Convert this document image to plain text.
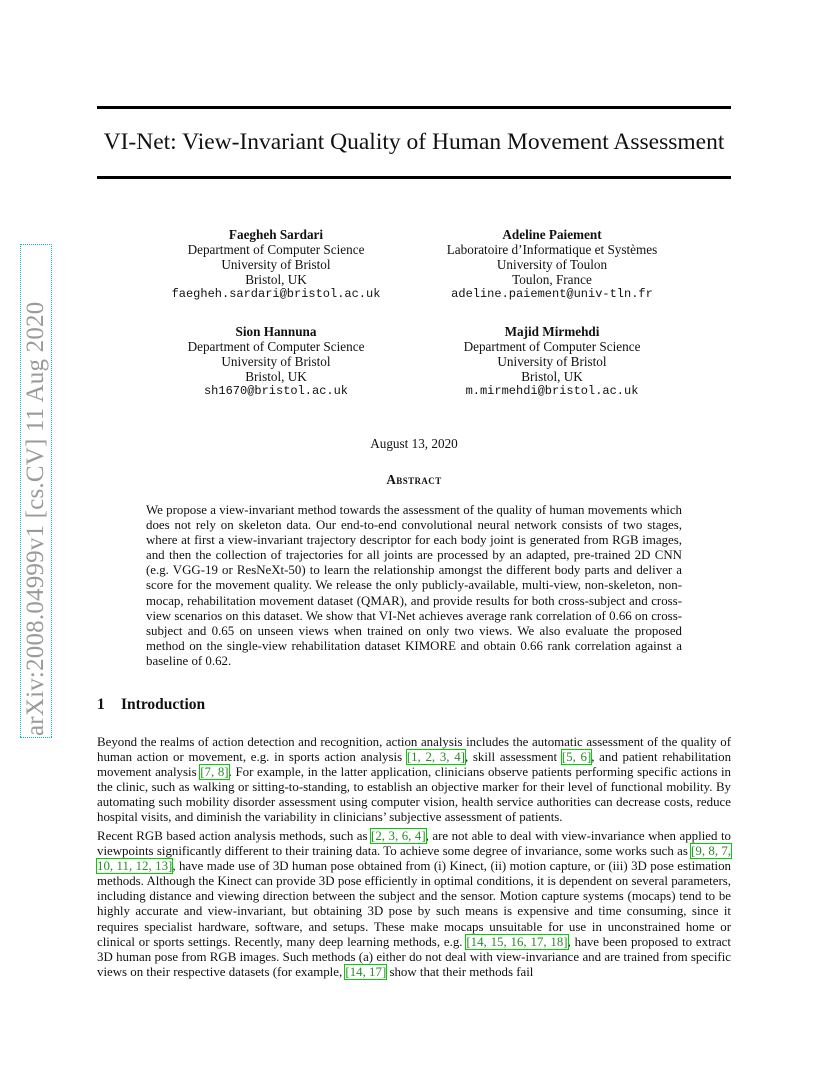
VI-Net: View-Invariant Quality of Human Movement Assessment
arXiv:2008.04999v1 [cs.CV] 11 Aug 2020
Faegheh Sardari
Department of Computer Science
University of Bristol
Bristol, UK
faegheh.sardari@bristol.ac.uk
Adeline Paiement
Laboratoire d’Informatique et Systèmes
University of Toulon
Toulon, France
adeline.paiement@univ-tln.fr
Sion Hannuna
Department of Computer Science
University of Bristol
Bristol, UK
sh1670@bristol.ac.uk
Majid Mirmehdi
Department of Computer Science
University of Bristol
Bristol, UK
m.mirmehdi@bristol.ac.uk
August 13, 2020
Abstract
We propose a view-invariant method towards the assessment of the quality of human movements which does not rely on skeleton data. Our end-to-end convolutional neural network consists of two stages, where at first a view-invariant trajectory descriptor for each body joint is generated from RGB images, and then the collection of trajectories for all joints are processed by an adapted, pre-trained 2D CNN (e.g. VGG-19 or ResNeXt-50) to learn the relationship amongst the different body parts and deliver a score for the movement quality. We release the only publicly-available, multi-view, non-skeleton, non-mocap, rehabilitation movement dataset (QMAR), and provide results for both cross-subject and cross-view scenarios on this dataset. We show that VI-Net achieves average rank correlation of 0.66 on cross-subject and 0.65 on unseen views when trained on only two views. We also evaluate the proposed method on the single-view rehabilitation dataset KIMORE and obtain 0.66 rank correlation against a baseline of 0.62.
1 Introduction

Beyond the realms of action detection and recognition, action analysis includes the automatic assessment of the quality of human action or movement, e.g. in sports action analysis [1, 2, 3, 4], skill assessment [5, 6], and patient rehabilitation movement analysis [7, 8]. For example, in the latter application, clinicians observe patients performing specific actions in the clinic, such as walking or sitting-to-standing, to establish an objective marker for their level of functional mobility. By automating such mobility disorder assessment using computer vision, health service authorities can decrease costs, reduce hospital visits, and diminish the variability in clinicians’ subjective assessment of patients.

Recent RGB based action analysis methods, such as [2, 3, 6, 4], are not able to deal with view-invariance when applied to viewpoints significantly different to their training data. To achieve some degree of invariance, some works such as [9, 8, 7, 10, 11, 12, 13], have made use of 3D human pose obtained from (i) Kinect, (ii) motion capture, or (iii) 3D pose estimation methods. Although the Kinect can provide 3D pose efficiently in optimal conditions, it is dependent on several parameters, including distance and viewing direction between the subject and the sensor. Motion capture systems (mocaps) tend to be highly accurate and view-invariant, but obtaining 3D pose by such means is expensive and time consuming, since it requires specialist hardware, software, and setups. These make mocaps unsuitable for use in unconstrained home or clinical or sports settings. Recently, many deep learning methods, e.g. [14, 15, 16, 17, 18], have been proposed to extract 3D human pose from RGB images. Such methods (a) either do not deal with view-invariance and are trained from specific views on their respective datasets (for example, [14, 17] show that their methods fail
